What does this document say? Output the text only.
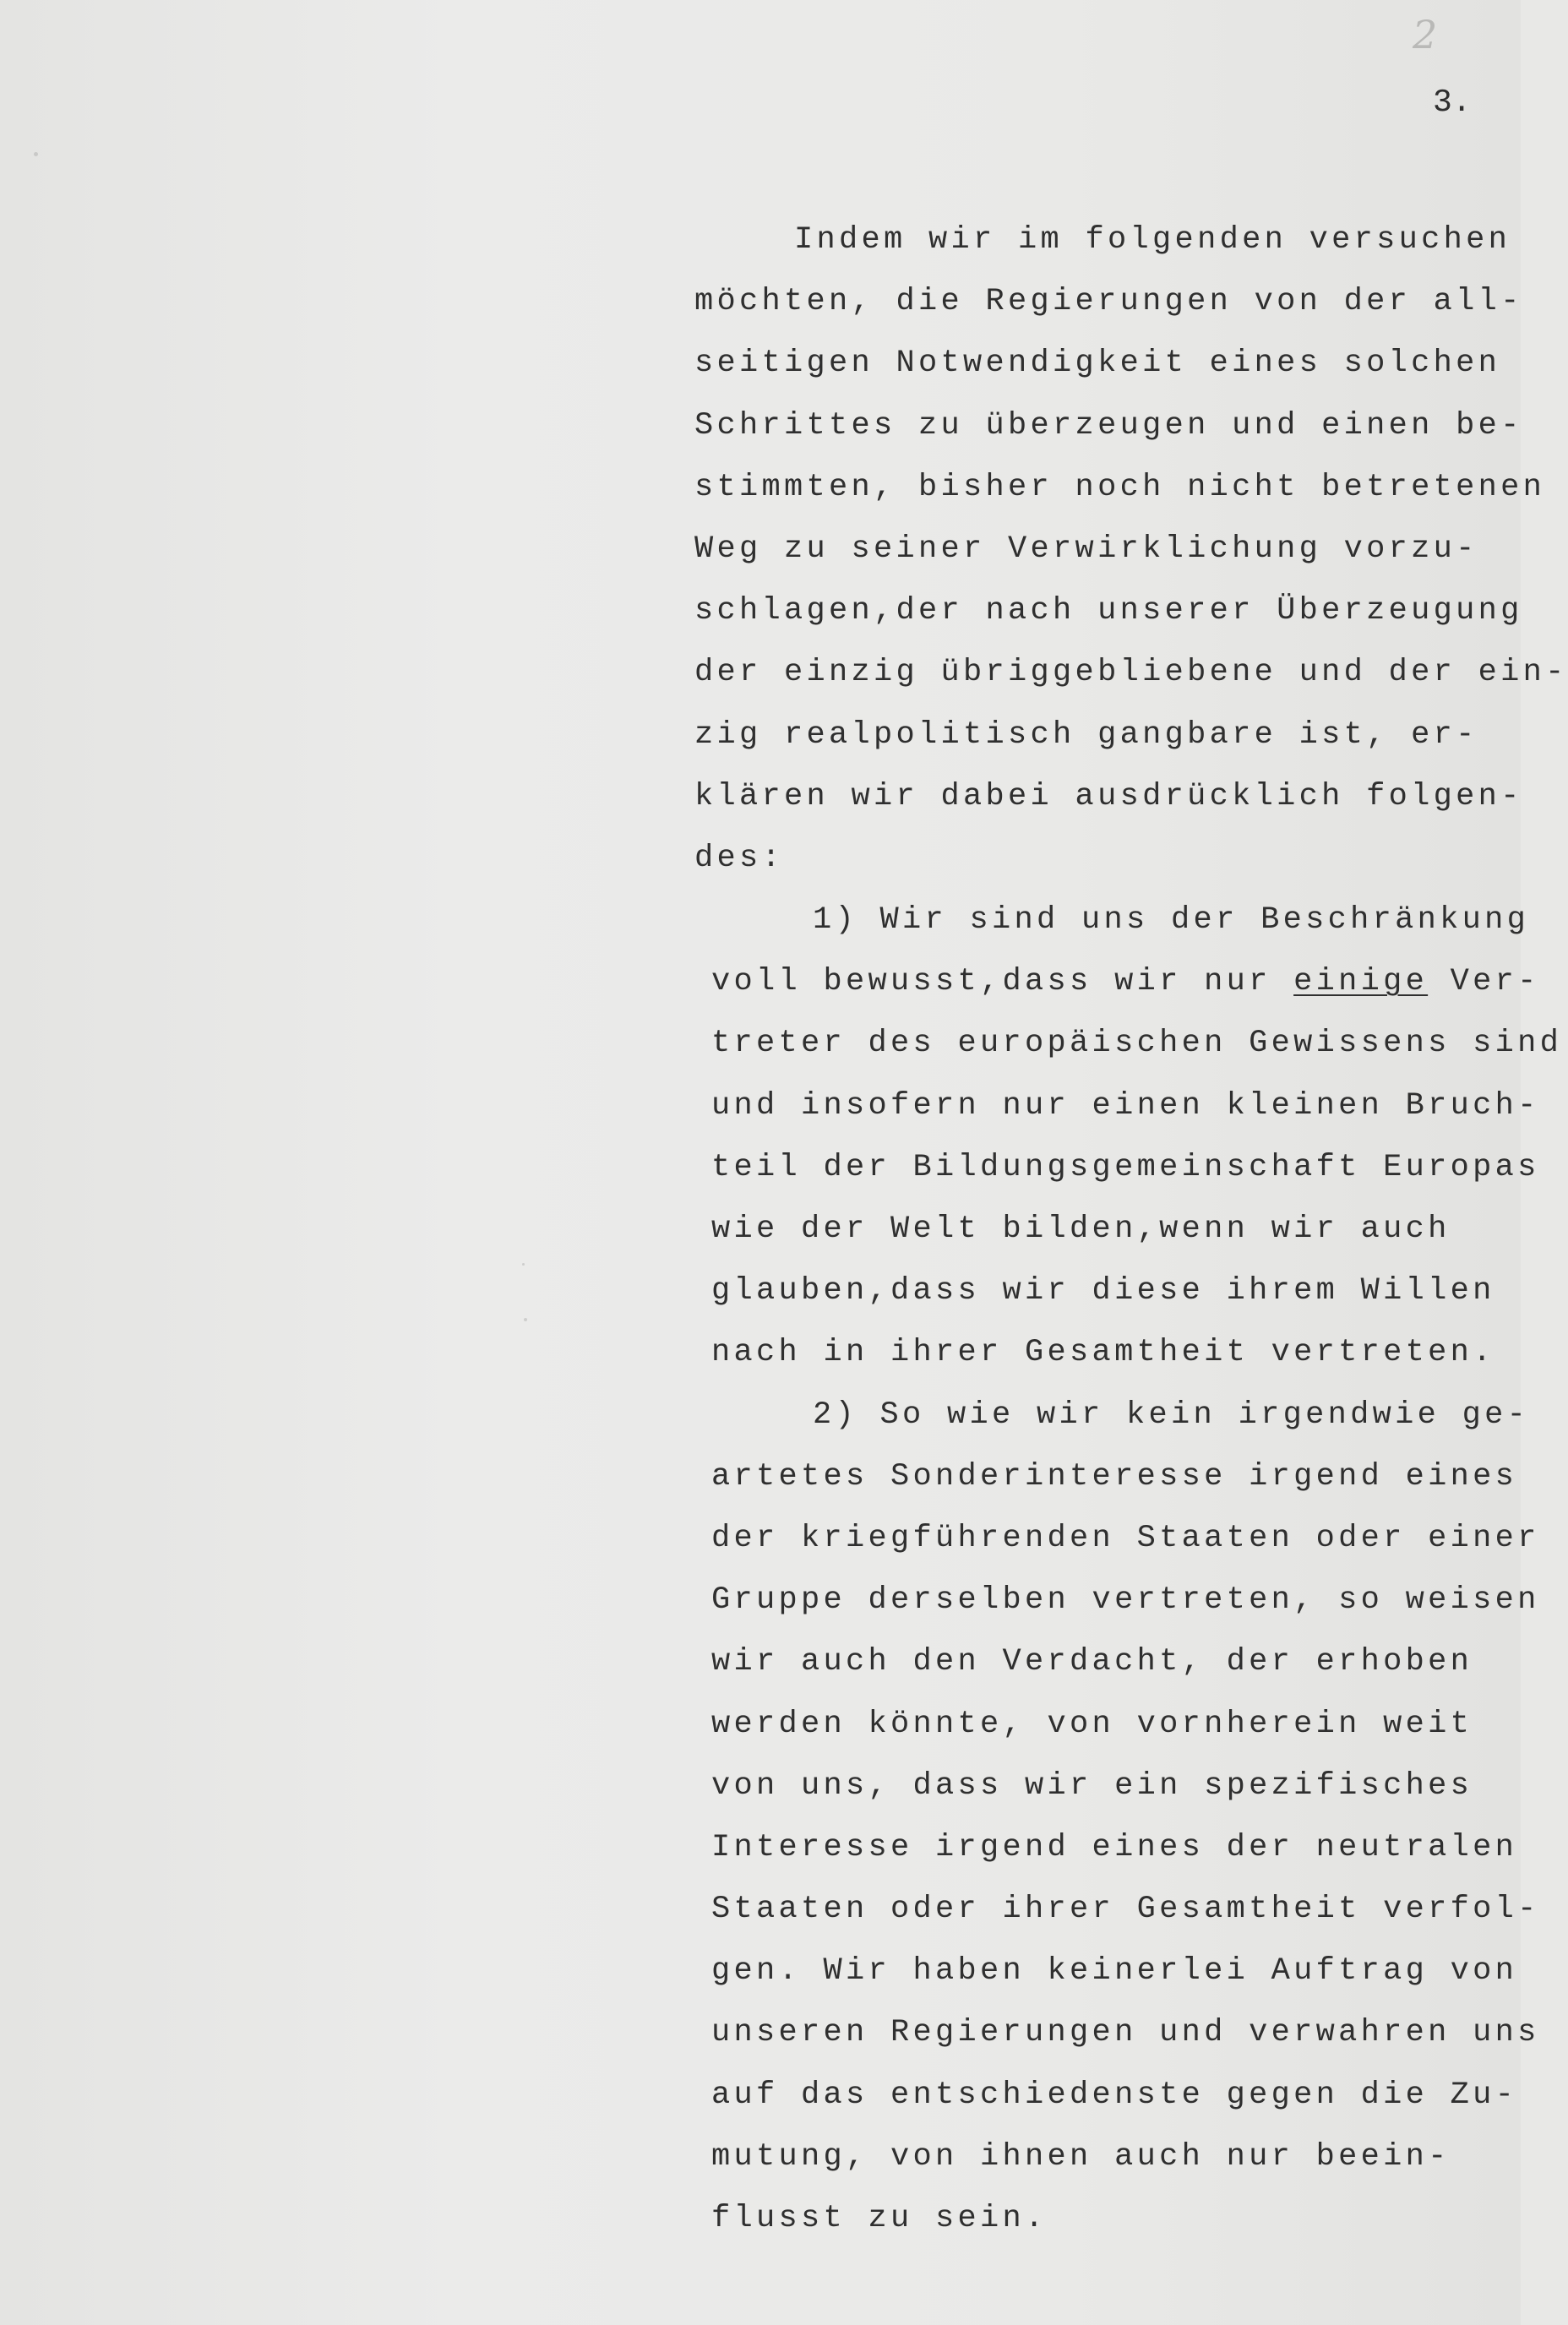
2
3.
Indem wir im folgenden versuchen
möchten, die Regierungen von der all-
seitigen Notwendigkeit eines solchen
Schrittes zu überzeugen und einen be-
stimmten, bisher noch nicht betretenen
Weg zu seiner Verwirklichung vorzu-
schlagen,der nach unserer Überzeugung
der einzig übriggebliebene und der ein-
zig realpolitisch gangbare ist, er-
klären wir dabei ausdrücklich folgen-
des:
1) Wir sind uns der Beschränkung
voll bewusst,dass wir nur einige Ver-
treter des europäischen Gewissens sind
und insofern nur einen kleinen Bruch-
teil der Bildungsgemeinschaft Europas
wie der Welt bilden,wenn wir auch
glauben,dass wir diese ihrem Willen
nach in ihrer Gesamtheit vertreten.
2) So wie wir kein irgendwie ge-
artetes Sonderinteresse irgend eines
der kriegführenden Staaten oder einer
Gruppe derselben vertreten, so weisen
wir auch den Verdacht, der erhoben
werden könnte, von vornherein weit
von uns, dass wir ein spezifisches
Interesse irgend eines der neutralen
Staaten oder ihrer Gesamtheit verfol-
gen. Wir haben keinerlei Auftrag von
unseren Regierungen und verwahren uns
auf das entschiedenste gegen die Zu-
mutung, von ihnen auch nur beein-
flusst zu sein.
